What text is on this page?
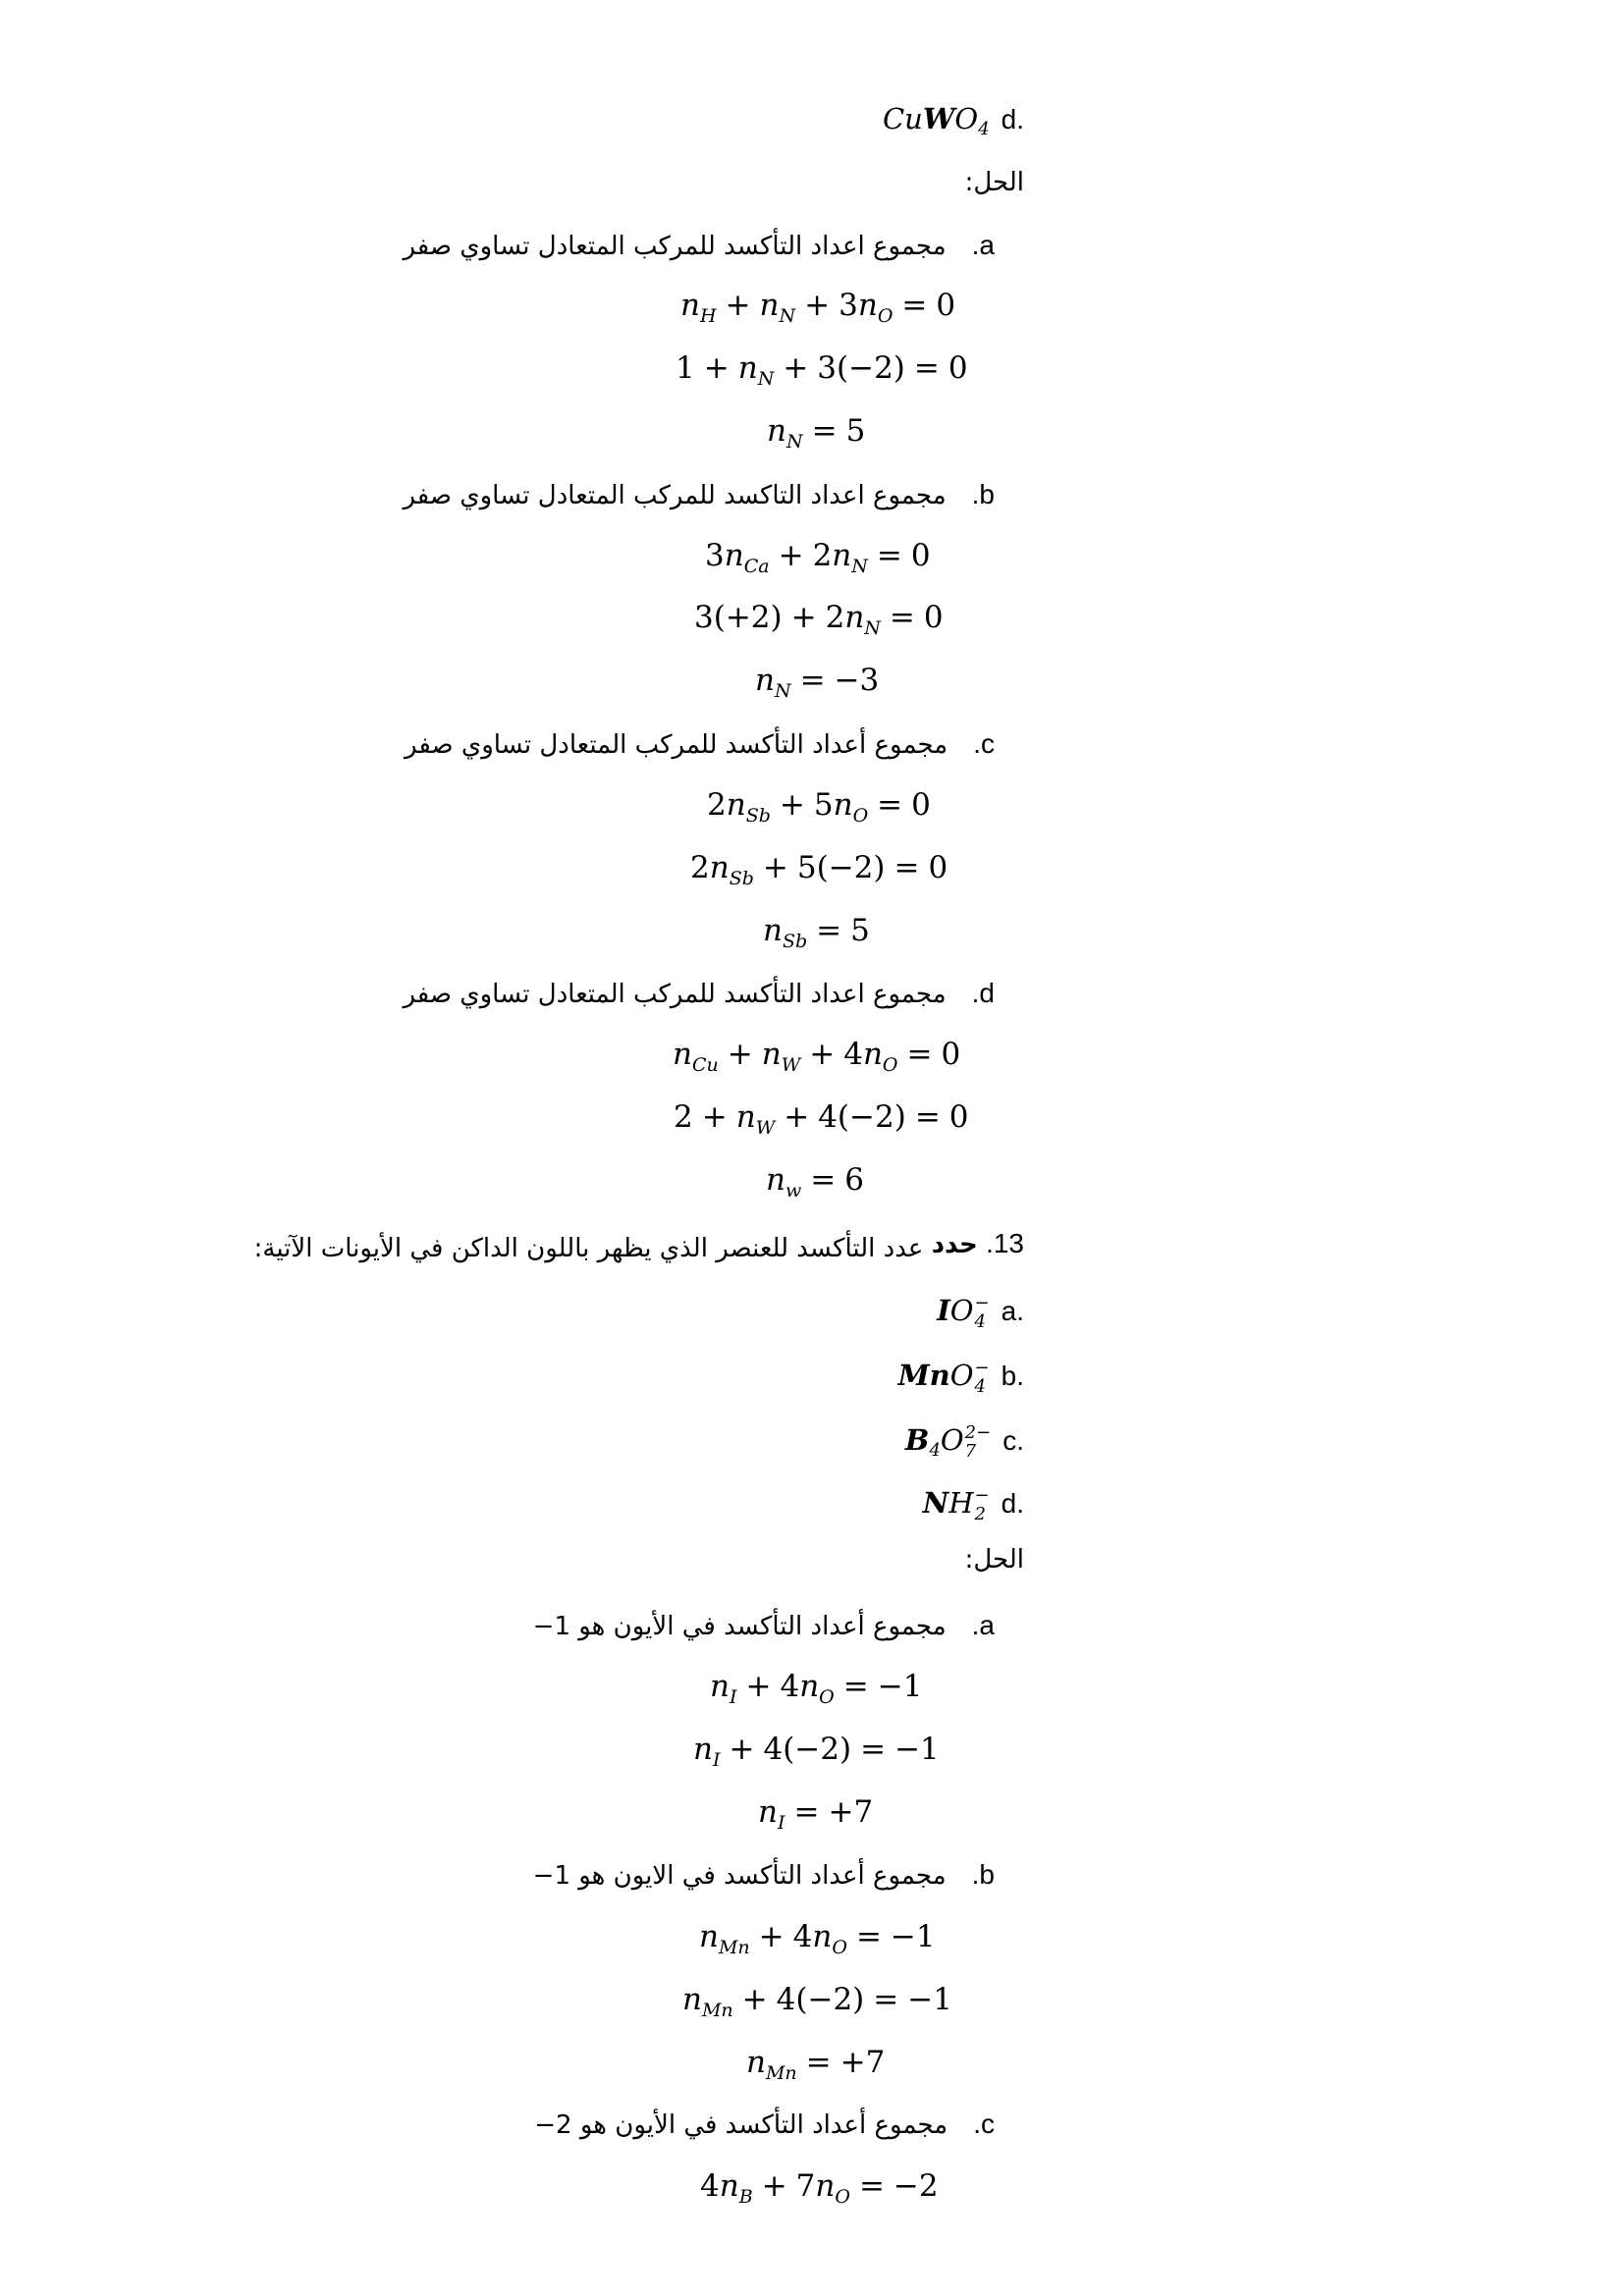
CuWO$_4$ d.
الحل:
a.مجموع اعداد التأكسد للمركب المتعادل تساوي صفر
$n_H + n_N + 3n_O = 0$
$1 + n_N + 3(-2) = 0$
$n_N = 5$
b.مجموع اعداد التاكسد للمركب المتعادل تساوي صفر
$3n_{Ca} + 2n_N = 0$
$3(+2) + 2n_N = 0$
$n_N = -3$
c.مجموع أعداد التأكسد للمركب المتعادل تساوي صفر
$2n_{Sb} + 5n_O = 0$
$2n_{Sb} + 5(-2) = 0$
$n_{Sb} = 5$
d.مجموع اعداد التأكسد للمركب المتعادل تساوي صفر
$n_{Cu} + n_W + 4n_O = 0$
$2 + n_W + 4(-2) = 0$
$n_w = 6$
13. حدد عدد التأكسد للعنصر الذي يظهر باللون الداكن في الأيونات الآتية:
IO −
4 a.
MnO −
4 b.
$B_4O$ 2−
7 c.
NH −
2 d.
الحل:
a.مجموع أعداد التأكسد في الأيون هو −1
$n_I + 4n_O = -1$
$n_I + 4(-2) = -1$
$n_I = +7$
b.مجموع أعداد التأكسد في الايون هو −1
$n_{Mn} + 4n_O = -1$
$n_{Mn} + 4(-2) = -1$
$n_{Mn} = +7$
c.مجموع أعداد التأكسد في الأيون هو −2
$4n_B + 7n_O = -2$
